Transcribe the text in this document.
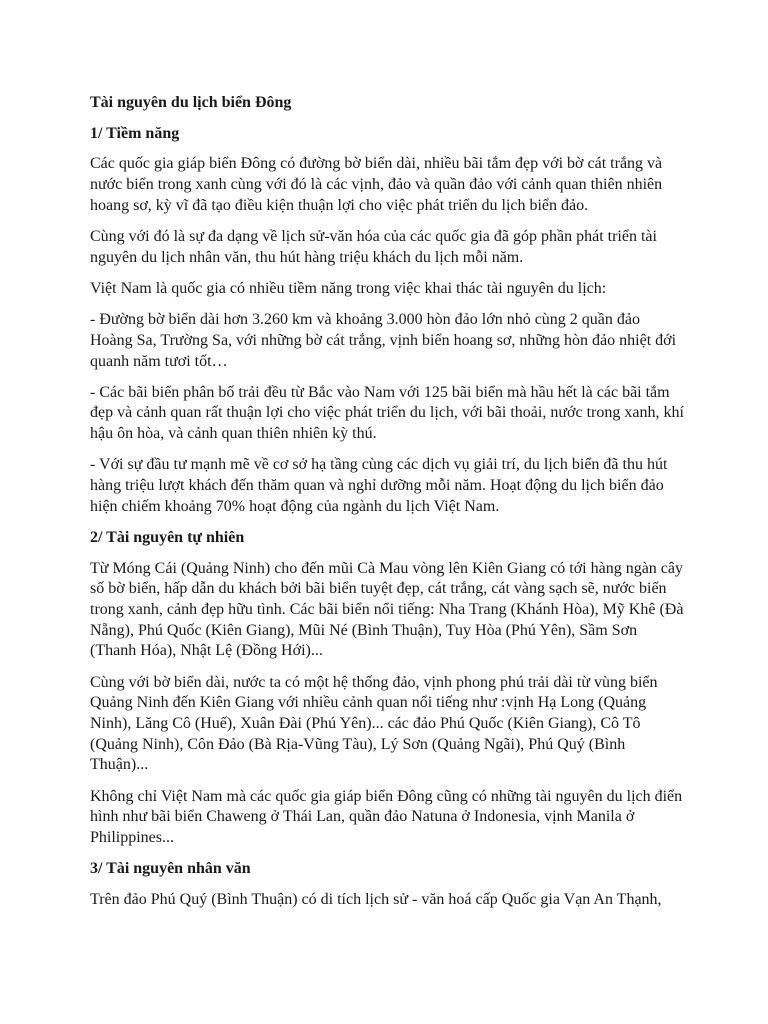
Tài nguyên du lịch biển Đông
1/ Tiềm năng

Các quốc gia giáp biển Đông có đường bờ biển dài, nhiều bãi tắm đẹp với bờ cát trắng và nước biển trong xanh cùng với đó là các vịnh, đảo và quần đảo với cảnh quan thiên nhiên hoang sơ, kỳ vĩ đã tạo điều kiện thuận lợi cho việc phát triển du lịch biển đảo.

Cùng với đó là sự đa dạng về lịch sử-văn hóa của các quốc gia đã góp phần phát triển tài nguyên du lịch nhân văn, thu hút hàng triệu khách du lịch mỗi năm.

Việt Nam là quốc gia có nhiều tiềm năng trong việc khai thác tài nguyên du lịch:

- Đường bờ biển dài hơn 3.260 km và khoảng 3.000 hòn đảo lớn nhỏ cùng 2 quần đảo Hoàng Sa, Trường Sa, với những bờ cát trắng, vịnh biển hoang sơ, những hòn đảo nhiệt đới quanh năm tươi tốt…

- Các bãi biển phân bố trải đều từ Bắc vào Nam với 125 bãi biển mà hầu hết là các bãi tắm đẹp và cảnh quan rất thuận lợi cho việc phát triển du lịch, với bãi thoải, nước trong xanh, khí hậu ôn hòa, và cảnh quan thiên nhiên kỳ thú.

- Với sự đầu tư mạnh mẽ về cơ sở hạ tầng cùng các dịch vụ giải trí, du lịch biển đã thu hút hàng triệu lượt khách đến thăm quan và nghỉ dưỡng mỗi năm. Hoạt động du lịch biển đảo hiện chiếm khoảng 70% hoạt động của ngành du lịch Việt Nam.

2/ Tài nguyên tự nhiên

Từ Móng Cái (Quảng Ninh) cho đến mũi Cà Mau vòng lên Kiên Giang có tới hàng ngàn cây số bờ biển, hấp dẫn du khách bởi bãi biển tuyệt đẹp, cát trắng, cát vàng sạch sẽ, nước biển trong xanh, cảnh đẹp hữu tình. Các bãi biển nổi tiếng: Nha Trang (Khánh Hòa), Mỹ Khê (Đà Nẵng), Phú Quốc (Kiên Giang), Mũi Né (Bình Thuận), Tuy Hòa (Phú Yên), Sầm Sơn (Thanh Hóa), Nhật Lệ (Đồng Hới)...

Cùng với bờ biển dài, nước ta có một hệ thống đảo, vịnh phong phú trải dài từ vùng biển Quảng Ninh đến Kiên Giang với nhiều cảnh quan nổi tiếng như :vịnh Hạ Long (Quảng Ninh), Lăng Cô (Huế), Xuân Đài (Phú Yên)... các đảo Phú Quốc (Kiên Giang), Cô Tô (Quảng Ninh), Côn Đảo (Bà Rịa-Vũng Tàu), Lý Sơn (Quảng Ngãi), Phú Quý (Bình Thuận)...

Không chỉ Việt Nam mà các quốc gia giáp biển Đông cũng có những tài nguyên du lịch điển hình như bãi biển Chaweng ở Thái Lan, quần đảo Natuna ở Indonesia, vịnh Manila ở Philippines...

3/ Tài nguyên nhân văn

Trên đảo Phú Quý (Bình Thuận) có di tích lịch sử - văn hoá cấp Quốc gia Vạn An Thạnh,
